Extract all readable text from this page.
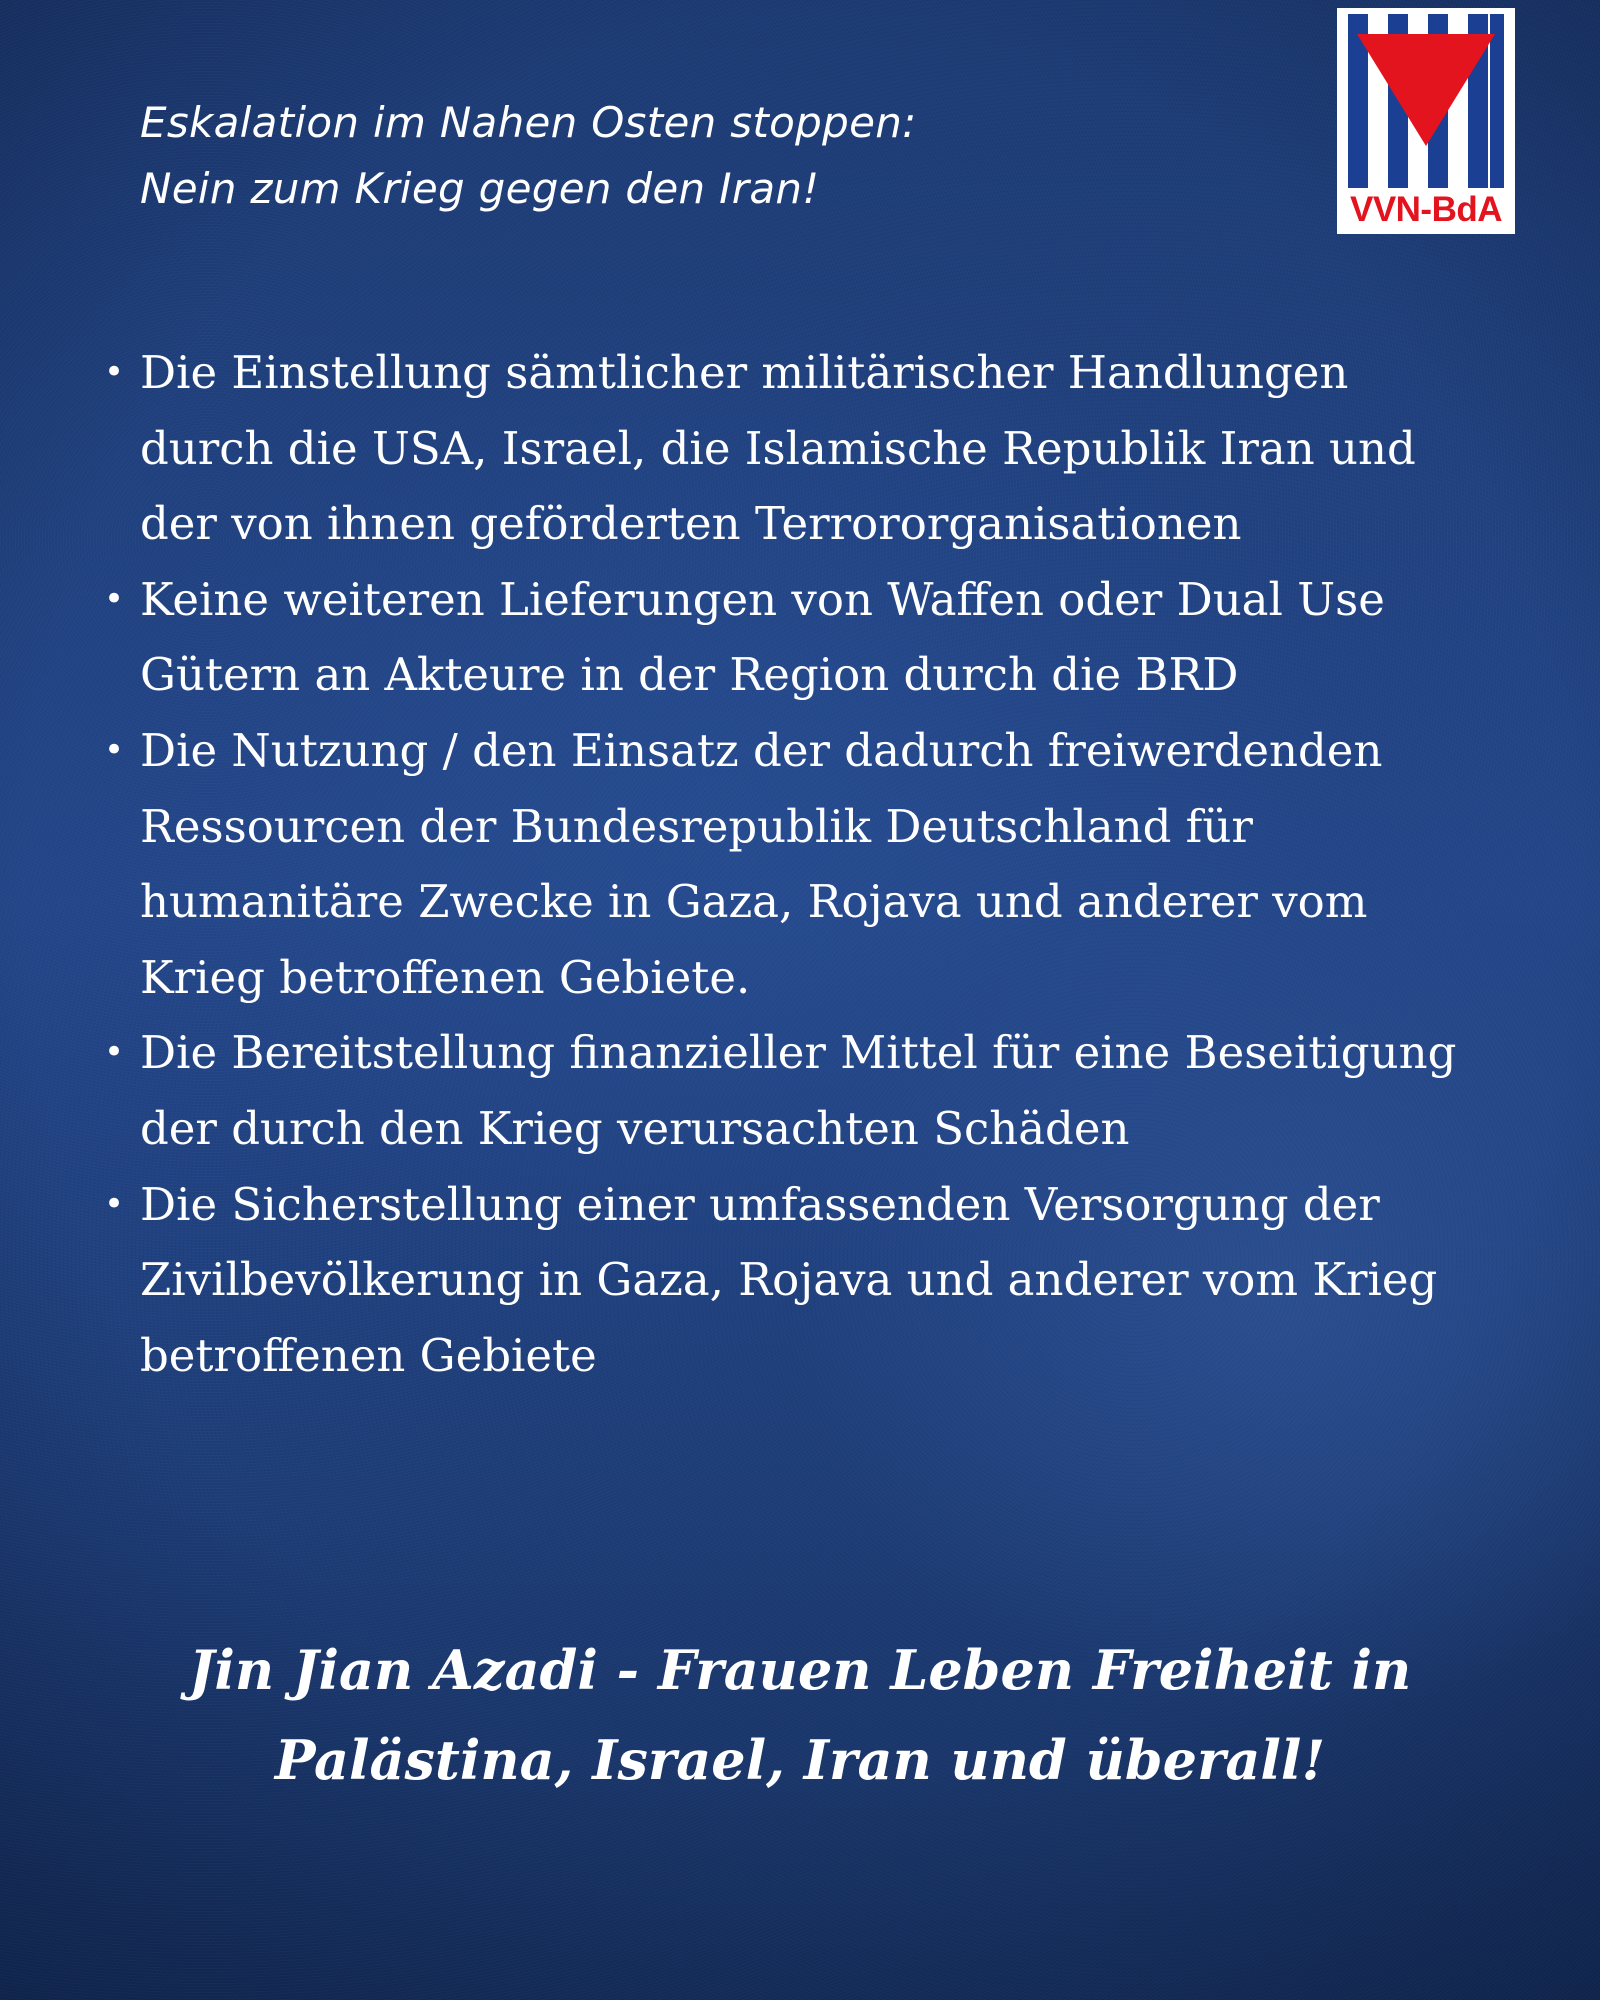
Eskalation im Nahen Osten stoppen:
Nein zum Krieg gegen den Iran!	VVN-BdA
• Die Einstellung sämtlicher militärischer Handlungen durch die USA, Israel, die Islamische Republik Iran und der von ihnen geförderten Terrororganisationen
• Keine weiteren Lieferungen von Waffen oder Dual Use Gütern an Akteure in der Region durch die BRD
• Die Nutzung / den Einsatz der dadurch freiwerdenden Ressourcen der Bundesrepublik Deutschland für humanitäre Zwecke in Gaza, Rojava und anderer vom Krieg betroffenen Gebiete.
• Die Bereitstellung finanzieller Mittel für eine Beseitigung der durch den Krieg verursachten Schäden
• Die Sicherstellung einer umfassenden Versorgung der Zivilbevölkerung in Gaza, Rojava und anderer vom Krieg betroffenen Gebiete
Jin Jian Azadi - Frauen Leben Freiheit in
Palästina, Israel, Iran und überall!
